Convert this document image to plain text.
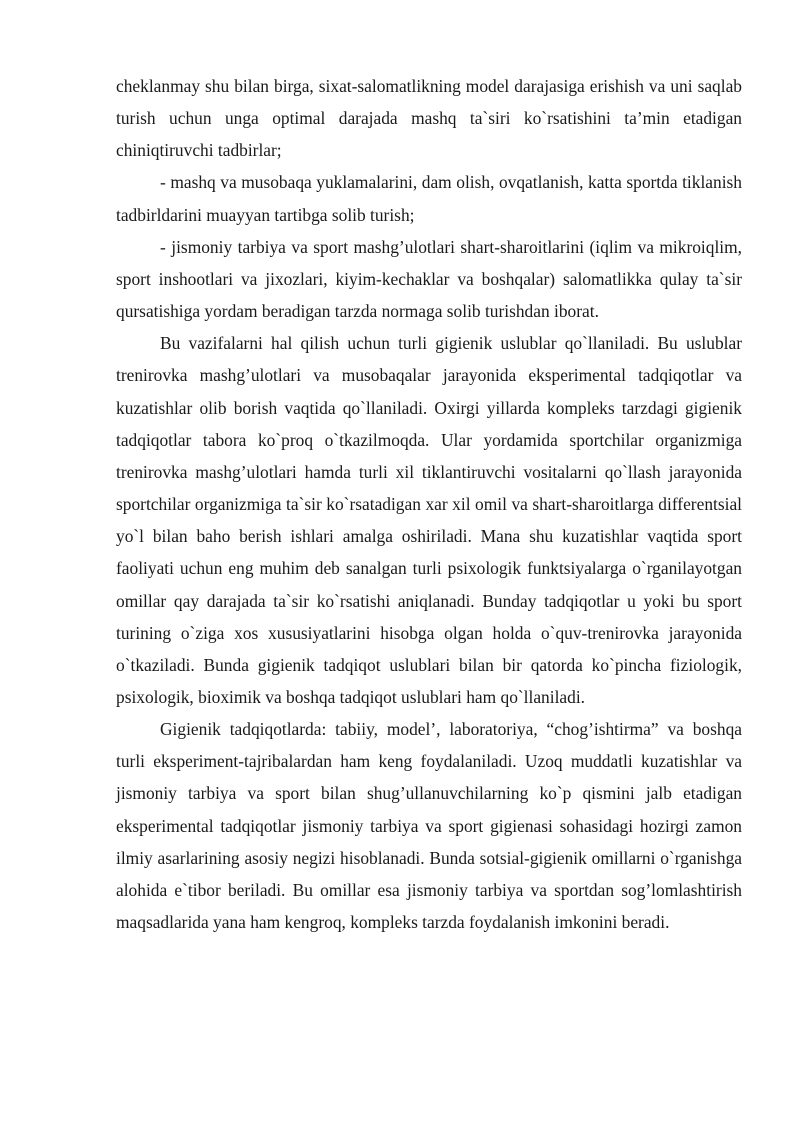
cheklanmay shu bilan birga, sixat-salomatlikning model darajasiga erishish va uni saqlab turish uchun unga optimal darajada mashq ta`siri ko`rsatishini ta’min etadigan chiniqtiruvchi tadbirlar;

- mashq va musobaqa yuklamalarini, dam olish, ovqatlanish, katta sportda tiklanish tadbirldarini muayyan tartibga solib turish;

- jismoniy tarbiya va sport mashg’ulotlari shart-sharoitlarini (iqlim va mikroiqlim, sport inshootlari va jixozlari, kiyim-kechaklar va boshqalar) salomatlikka qulay ta`sir qursatishiga yordam beradigan tarzda normaga solib turishdan iborat.

Bu vazifalarni hal qilish uchun turli gigienik uslublar qo`llaniladi. Bu uslublar trenirovka mashg’ulotlari va musobaqalar jarayonida eksperimental tadqiqotlar va kuzatishlar olib borish vaqtida qo`llaniladi. Oxirgi yillarda kompleks tarzdagi gigienik tadqiqotlar tabora ko`proq o`tkazilmoqda. Ular yordamida sportchilar organizmiga trenirovka mashg’ulotlari hamda turli xil tiklantiruvchi vositalarni qo`llash jarayonida sportchilar organizmiga ta`sir ko`rsatadigan xar xil omil va shart-sharoitlarga differentsial yo`l bilan baho berish ishlari amalga oshiriladi. Mana shu kuzatishlar vaqtida sport faoliyati uchun eng muhim deb sanalgan turli psixologik funktsiyalarga o`rganilayotgan omillar qay darajada ta`sir ko`rsatishi aniqlanadi. Bunday tadqiqotlar u yoki bu sport turining o`ziga xos xususiyatlarini hisobga olgan holda o`quv-trenirovka jarayonida o`tkaziladi. Bunda gigienik tadqiqot uslublari bilan bir qatorda ko`pincha fiziologik, psixologik, bioximik va boshqa tadqiqot uslublari ham qo`llaniladi.

Gigienik tadqiqotlarda: tabiiy, model’, laboratoriya, “chog’ishtirma” va boshqa turli eksperiment-tajribalardan ham keng foydalaniladi. Uzoq muddatli kuzatishlar va jismoniy tarbiya va sport bilan shug’ullanuvchilarning ko`p qismini jalb etadigan eksperimental tadqiqotlar jismoniy tarbiya va sport gigienasi sohasidagi hozirgi zamon ilmiy asarlarining asosiy negizi hisoblanadi. Bunda sotsial-gigienik omillarni o`rganishga alohida e`tibor beriladi. Bu omillar esa jismoniy tarbiya va sportdan sog’lomlashtirish maqsadlarida yana ham kengroq, kompleks tarzda foydalanish imkonini beradi.
